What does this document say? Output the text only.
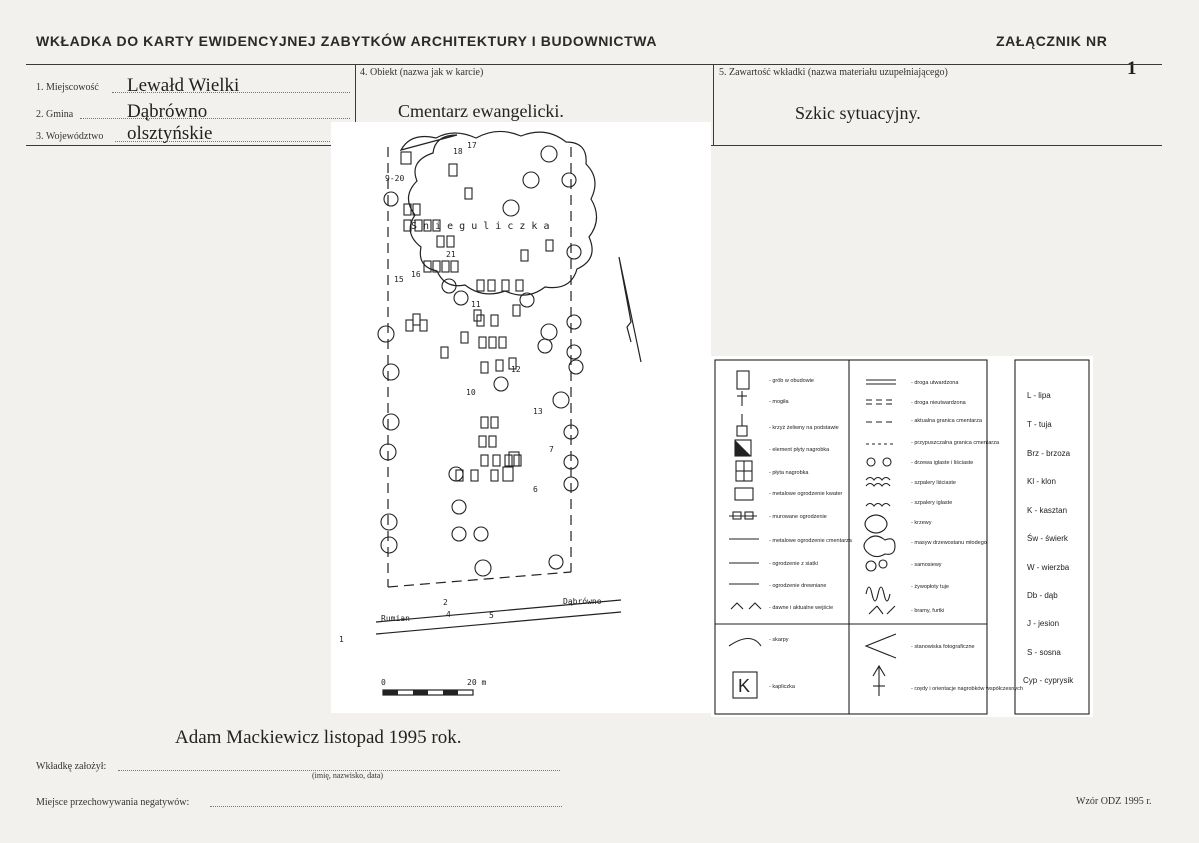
WKŁADKA DO KARTY EWIDENCYJNEJ ZABYTKÓW ARCHITEKTURY I BUDOWNICTWA	ZAŁĄCZNIK NR
1
1. Miejscowość Lewałd Wielki
2. Gmina	Dąbrówno
3. Województwo olsztyńskie
4. Obiekt (nazwa jak w karcie)
Cmentarz ewangelicki.
5. Zawartość wkładki (nazwa materiału uzupełniającego)
Szkic sytuacyjny.
9-20
18
17
21
15
16
11
12
10
13
7
6
1
2
4	5
Ś n i e g u l i c z k a
Rumian
Dąbrówno
0	20 m
- grób w obudowie
- mogiła
- krzyż żeliwny na podstawie
- element płyty nagrobka
- płyta nagrobka
- metalowe ogrodzenie kwater
- murowane ogrodzenie
- metalowe ogrodzenie cmentarza
- ogrodzenie z siatki
- ogrodzenie drewniane
- dawne i aktualne wejście
- skarpy
- kapliczka
- droga utwardzona
- droga nieutwardzona
- aktualna granica cmentarza
- przypuszczalna granica cmentarza
- drzewa iglaste i liściaste
- szpalery liściaste
- szpalery iglaste
- krzewy
- masyw drzewostanu młodego
- samosiewy
- żywopłoty tuje
- bramy, furtki
- stanowiska fotograficzne
- rzędy i orientacje nagrobków współczesnych
K
L - lipa
T - tuja
Brz - brzoza
Kl - klon
K - kasztan
Św - świerk
W - wierzba
Db - dąb
J - jesion
S - sosna
Cyp - cyprysik
Adam Mackiewicz listopad 1995 rok.
Wkładkę założył:
(imię, nazwisko, data)
Miejsce przechowywania negatywów:	Wzór ODZ 1995 r.
